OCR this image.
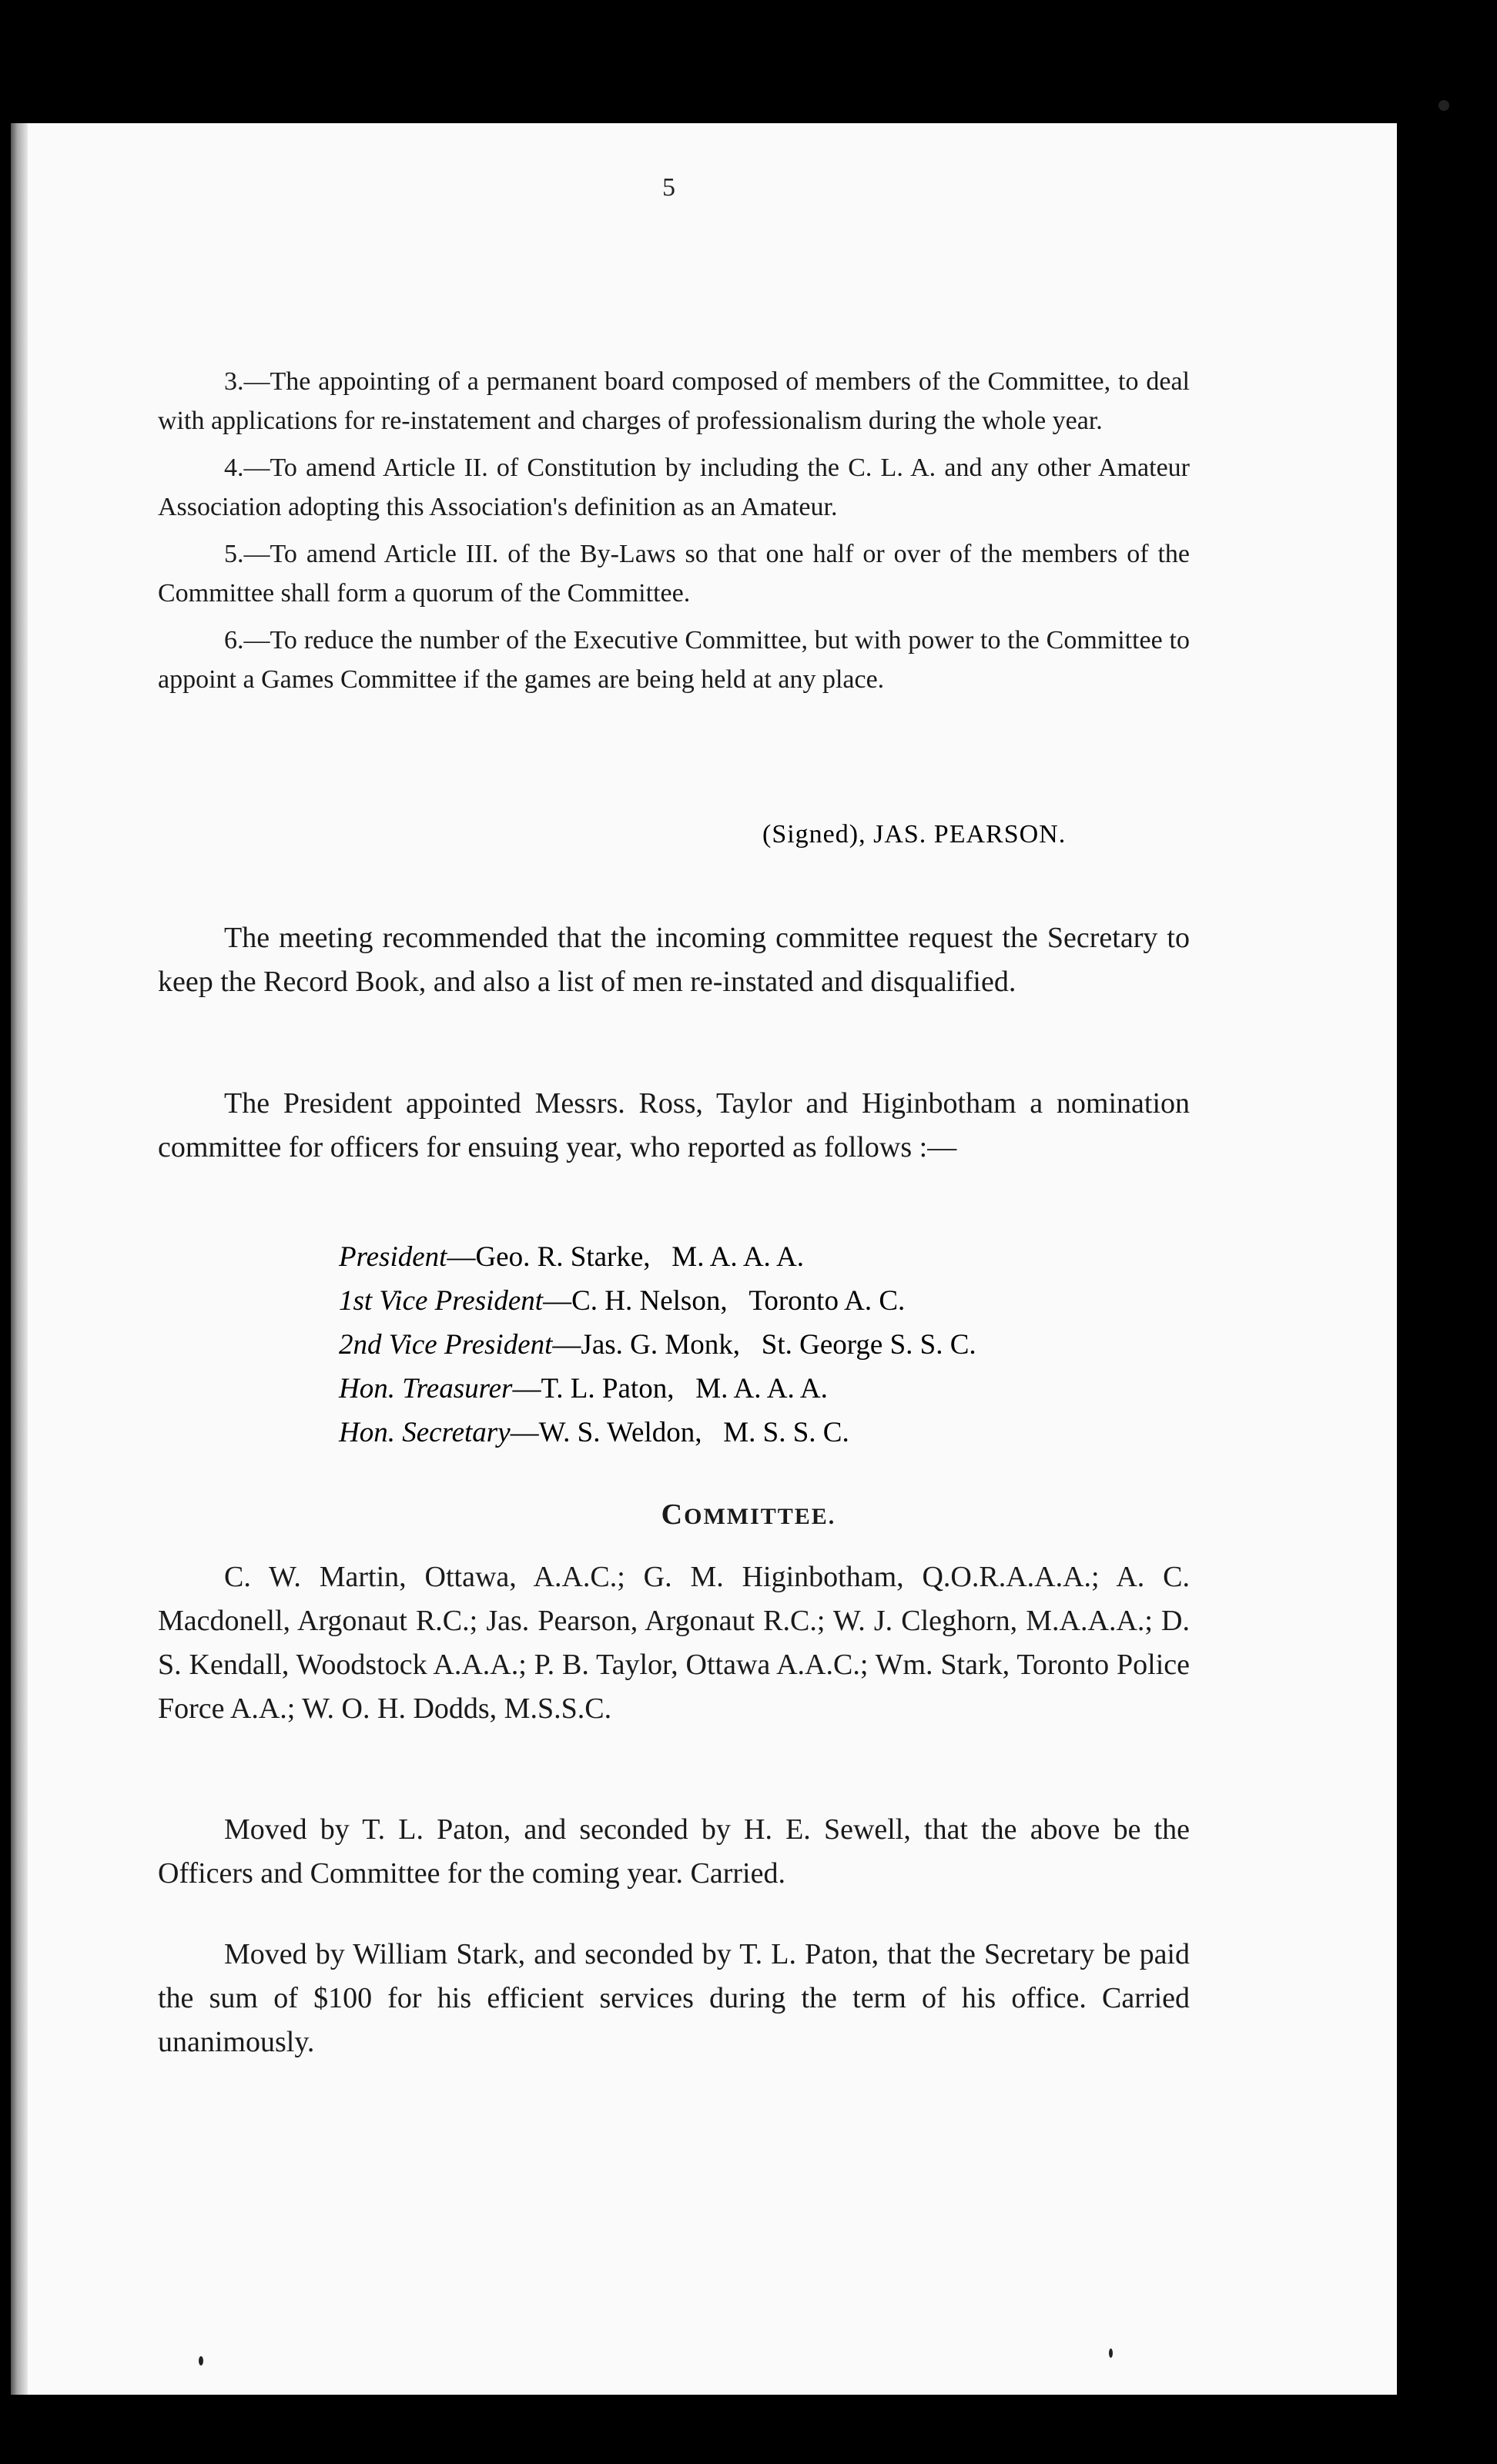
5

3.—The appointing of a permanent board composed of members of the Committee, to deal with applications for re-instatement and charges of professionalism during the whole year.

4.—To amend Article II. of Constitution by including the C. L. A. and any other Amateur Association adopting this Association's definition as an Amateur.

5.—To amend Article III. of the By-Laws so that one half or over of the members of the Committee shall form a quorum of the Committee.

6.—To reduce the number of the Executive Committee, but with power to the Committee to appoint a Games Committee if the games are being held at any place.

(Signed), JAS. PEARSON.

The meeting recommended that the incoming committee request the Secretary to keep the Record Book, and also a list of men re-instated and disqualified.

The President appointed Messrs. Ross, Taylor and Higinbotham a nomination committee for officers for ensuing year, who reported as follows :—

President—Geo. R. Starke, M. A. A. A.
1st Vice President—C. H. Nelson, Toronto A. C.
2nd Vice President—Jas. G. Monk, St. George S. S. C.
Hon. Treasurer—T. L. Paton, M. A. A. A.
Hon. Secretary—W. S. Weldon, M. S. S. C.
COMMITTEE.

C. W. Martin, Ottawa, A.A.C.; G. M. Higinbotham, Q.O.R.A.A.A.; A. C. Macdonell, Argonaut R.C.; Jas. Pearson, Argonaut R.C.; W. J. Cleghorn, M.A.A.A.; D. S. Kendall, Woodstock A.A.A.; P. B. Taylor, Ottawa A.A.C.; Wm. Stark, Toronto Police Force A.A.; W. O. H. Dodds, M.S.S.C.

Moved by T. L. Paton, and seconded by H. E. Sewell, that the above be the Officers and Committee for the coming year. Carried.

Moved by William Stark, and seconded by T. L. Paton, that the Secretary be paid the sum of $100 for his efficient services during the term of his office. Carried unanimously.
